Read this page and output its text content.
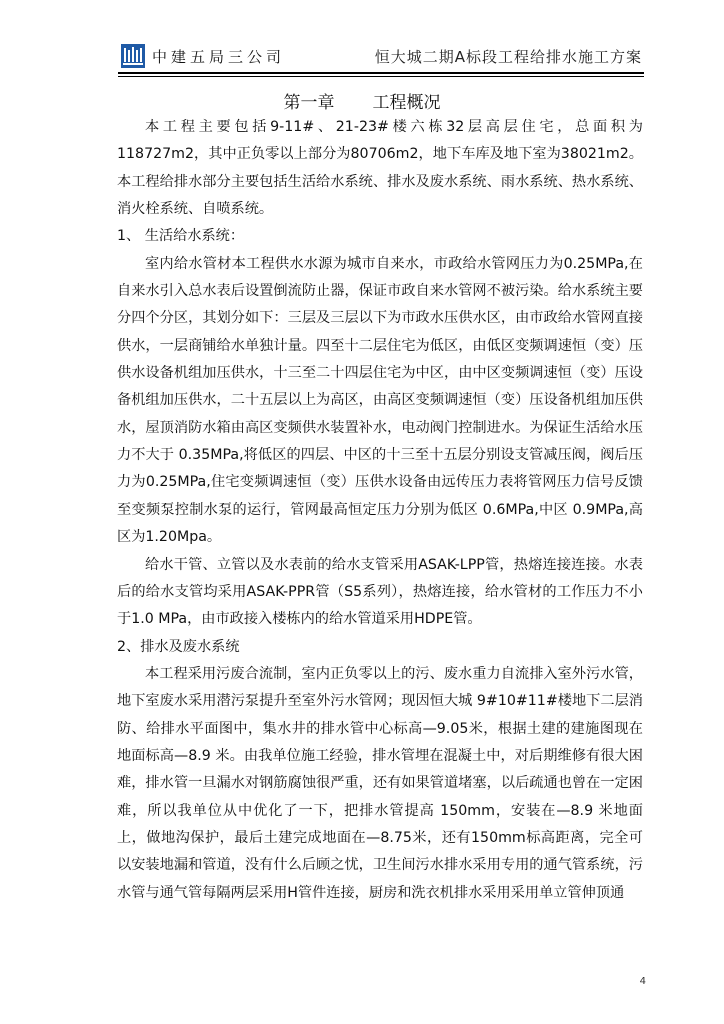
中建五局三公司	恒大城二期A标段工程给排水施工方案
第一章 工程概况

本工程主要包括9-11#、21-23#楼六栋32层高层住宅，总面积为118727m2，其中正负零以上部分为80706m2，地下车库及地下室为38021m2。本工程给排水部分主要包括生活给水系统、排水及废水系统、雨水系统、热水系统、消火栓系统、自喷系统。

1、 生活给水系统：

室内给水管材本工程供水水源为城市自来水，市政给水管网压力为0.25MPa,在自来水引入总水表后设置倒流防止器，保证市政自来水管网不被污染。给水系统主要分四个分区，其划分如下：三层及三层以下为市政水压供水区，由市政给水管网直接供水，一层商铺给水单独计量。四至十二层住宅为低区，由低区变频调速恒（变）压供水设备机组加压供水，十三至二十四层住宅为中区，由中区变频调速恒（变）压设备机组加压供水，二十五层以上为高区，由高区变频调速恒（变）压设备机组加压供水，屋顶消防水箱由高区变频供水装置补水，电动阀门控制进水。为保证生活给水压力不大于 0.35MPa,将低区的四层、中区的十三至十五层分别设支管减压阀，阀后压力为0.25MPa,住宅变频调速恒（变）压供水设备由远传压力表将管网压力信号反馈至变频泵控制水泵的运行，管网最高恒定压力分别为低区 0.6MPa,中区 0.9MPa,高区为1.20Mpa。

给水干管、立管以及水表前的给水支管采用ASAK-LPP管，热熔连接连接。水表后的给水支管均采用ASAK-PPR管（S5系列），热熔连接，给水管材的工作压力不小于1.0 MPa，由市政接入楼栋内的给水管道采用HDPE管。

2、排水及废水系统

本工程采用污废合流制，室内正负零以上的污、废水重力自流排入室外污水管，地下室废水采用潜污泵提升至室外污水管网；现因恒大城 9#10#11#楼地下二层消防、给排水平面图中，集水井的排水管中心标高—9.05米，根据土建的建施图现在地面标高—8.9 米。由我单位施工经验，排水管埋在混凝土中，对后期维修有很大困难，排水管一旦漏水对钢筋腐蚀很严重，还有如果管道堵塞，以后疏通也曾在一定困难，所以我单位从中优化了一下，把排水管提高 150mm，安装在—8.9 米地面上，做地沟保护，最后土建完成地面在—8.75米，还有150mm标高距离，完全可以安装地漏和管道，没有什么后顾之忧，卫生间污水排水采用专用的通气管系统，污水管与通气管每隔两层采用H管件连接，厨房和洗衣机排水采用采用单立管伸顶通

4
